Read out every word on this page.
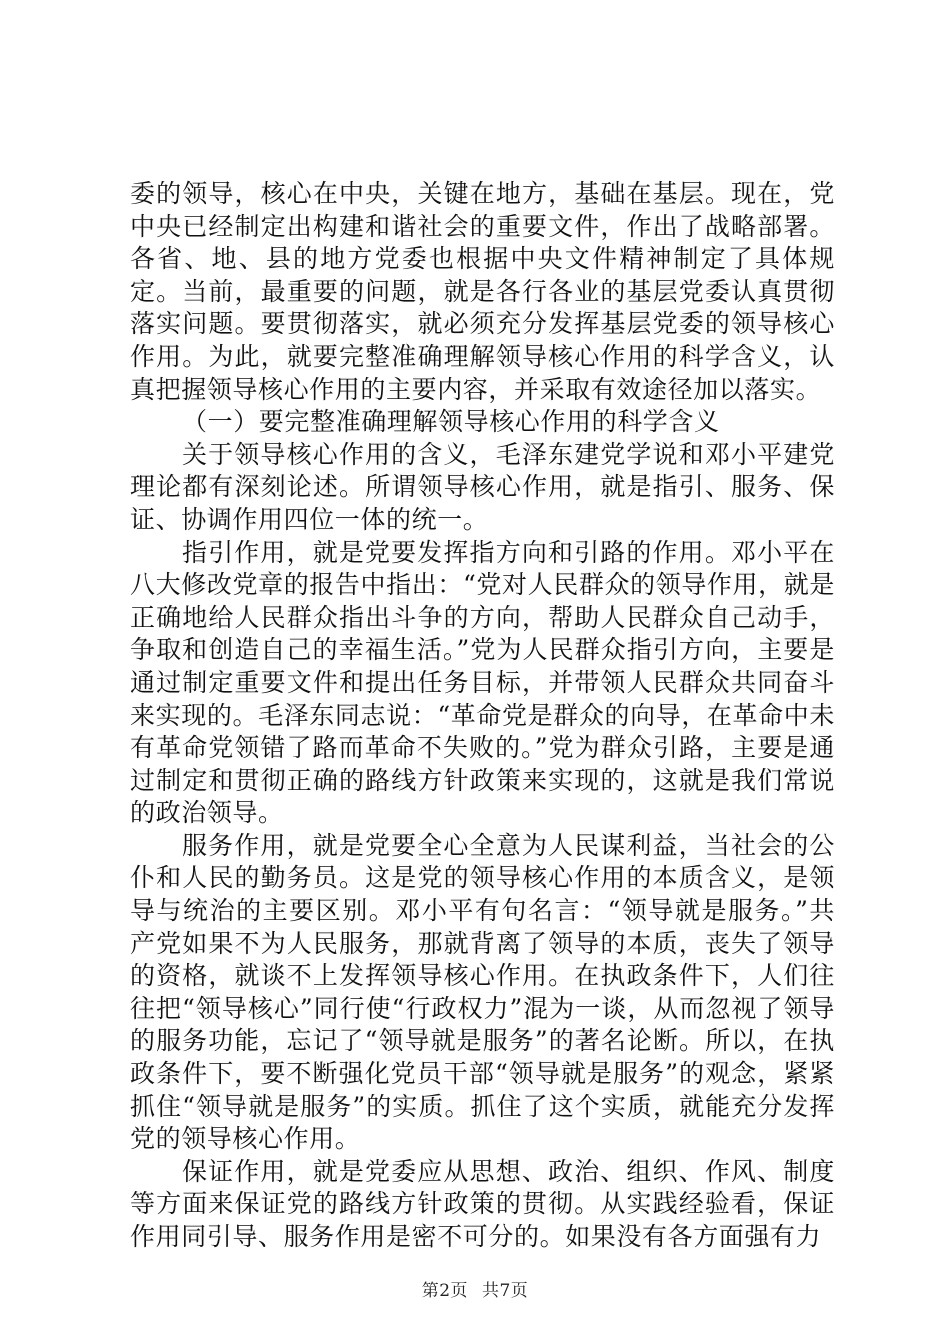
委的领导，核心在中央，关键在地方，基础在基层。现在，党中央已经制定出构建和谐社会的重要文件，作出了战略部署。各省、地、县的地方党委也根据中央文件精神制定了具体规定。当前，最重要的问题，就是各行各业的基层党委认真贯彻落实问题。要贯彻落实，就必须充分发挥基层党委的领导核心作用。为此，就要完整准确理解领导核心作用的科学含义，认真把握领导核心作用的主要内容，并采取有效途径加以落实。

（一）要完整准确理解领导核心作用的科学含义

关于领导核心作用的含义，毛泽东建党学说和邓小平建党理论都有深刻论述。所谓领导核心作用，就是指引、服务、保证、协调作用四位一体的统一。

指引作用，就是党要发挥指方向和引路的作用。邓小平在八大修改党章的报告中指出：“党对人民群众的领导作用，就是正确地给人民群众指出斗争的方向，帮助人民群众自己动手，争取和创造自己的幸福生活。”党为人民群众指引方向，主要是通过制定重要文件和提出任务目标，并带领人民群众共同奋斗来实现的。毛泽东同志说：“革命党是群众的向导，在革命中未有革命党领错了路而革命不失败的。”党为群众引路，主要是通过制定和贯彻正确的路线方针政策来实现的，这就是我们常说的政治领导。

服务作用，就是党要全心全意为人民谋利益，当社会的公仆和人民的勤务员。这是党的领导核心作用的本质含义，是领导与统治的主要区别。邓小平有句名言：“领导就是服务。”共产党如果不为人民服务，那就背离了领导的本质，丧失了领导的资格，就谈不上发挥领导核心作用。在执政条件下，人们往往把“领导核心”同行使“行政权力”混为一谈，从而忽视了领导的服务功能，忘记了“领导就是服务”的著名论断。所以，在执政条件下，要不断强化党员干部“领导就是服务”的观念，紧紧抓住“领导就是服务”的实质。抓住了这个实质，就能充分发挥党的领导核心作用。

保证作用，就是党委应从思想、政治、组织、作风、制度等方面来保证党的路线方针政策的贯彻。从实践经验看，保证作用同引导、服务作用是密不可分的。如果没有各方面强有力

第2页 共7页
